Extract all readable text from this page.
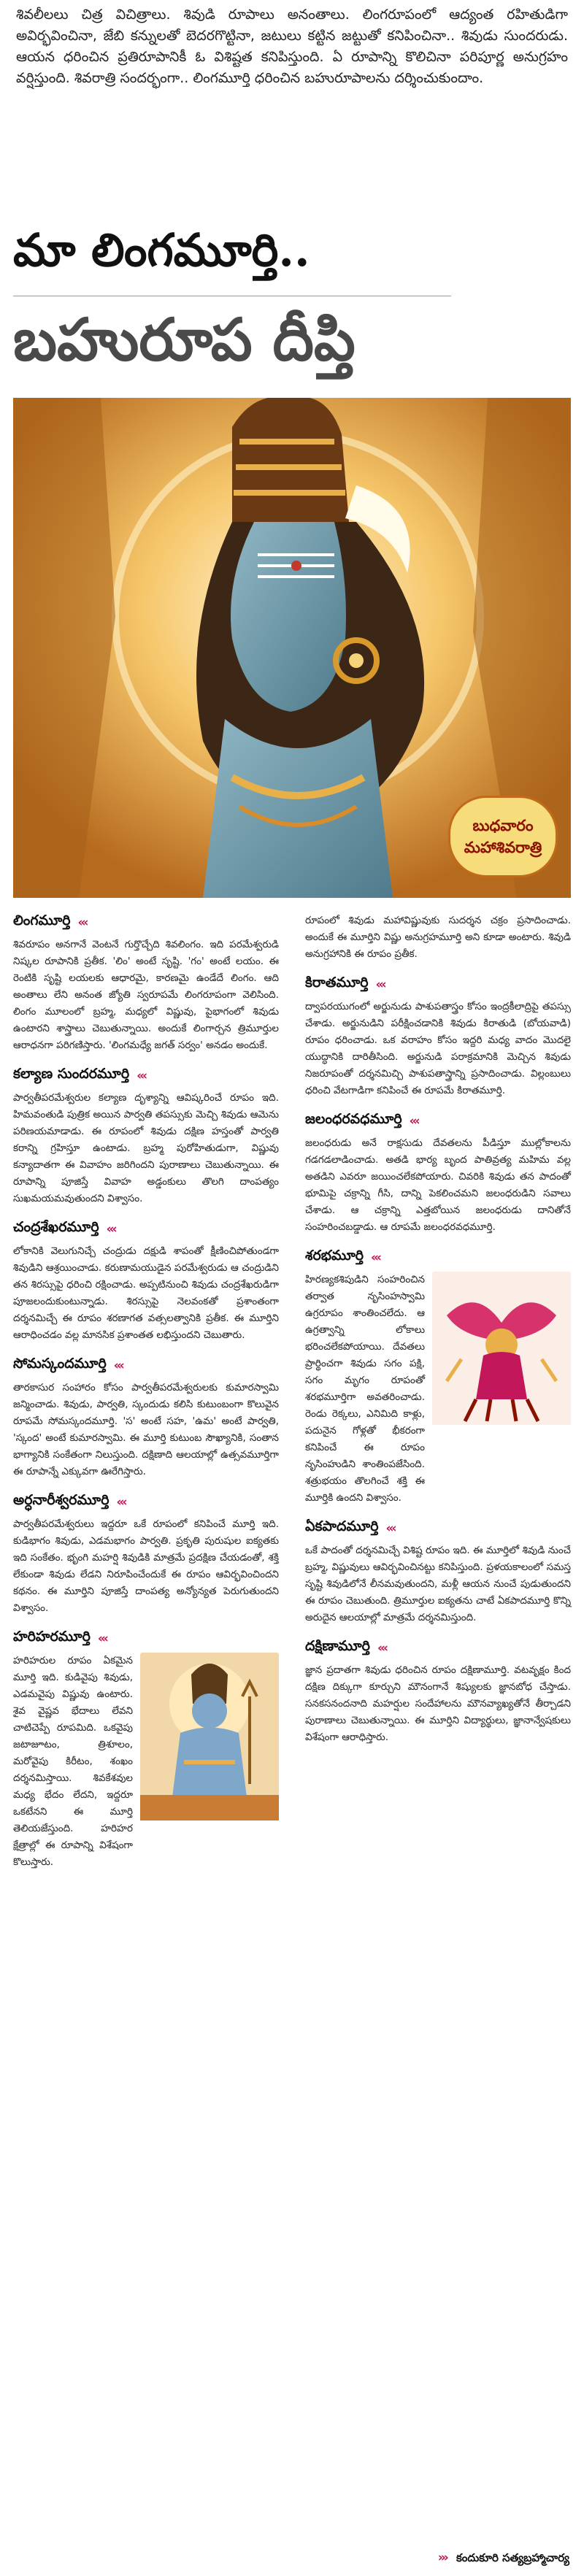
శివలీలలు చిత్ర విచిత్రాలు. శివుడి రూపాలు అనంతాలు. లింగరూపంలో ఆద్యంత రహితుడిగా అవిర్భవించినా, జేబి కన్నులతో బెదరగొట్టినా, జటులు కట్టిన జట్టుతో కనిపించినా.. శివుడు సుందరుడు. ఆయన ధరించిన ప్రతిరూపానికీ ఓ విశిష్టత కనిపిస్తుంది. ఏ రూపాన్ని కొలిచినా పరిపూర్ణ అనుగ్రహం వర్షిస్తుంది. శివరాత్రి సందర్భంగా.. లింగమూర్తి ధరించిన బహురూపాలను దర్శించుకుందాం.

మా లింగమూర్తి..
బహురూప దీప్తి
బుధవారం
మహాశివరాత్రి
లింగమూర్తి ‹‹‹

శివరూపం అనగానే వెంటనే గుర్తొచ్చేది శివలింగం. ఇది పరమేశ్వరుడి నిష్కల రూపానికి ప్రతీక. 'లిం' అంటే సృష్టి. 'గం' అంటే లయం. ఈ రెంటికి సృష్టి లయలకు ఆధారమై, కారణమై ఉండేదే లింగం. ఆది అంతాలు లేని అనంత జ్యోతి స్వరూపమే లింగరూపంగా వెలిసింది. లింగం మూలంలో బ్రహ్మ, మధ్యలో విష్ణువు, పైభాగంలో శివుడు ఉంటారని శాస్త్రాలు చెబుతున్నాయి. అందుకే లింగార్చన త్రిమూర్తుల ఆరాధనగా పరిగణిస్తారు. 'లింగమధ్యే జగత్ సర్వం' అనడం అందుకే.

కల్యాణ సుందరమూర్తి ‹‹‹

పార్వతీపరమేశ్వరుల కల్యాణ దృశ్యాన్ని ఆవిష్కరించే రూపం ఇది. హిమవంతుడి పుత్రిక అయిన పార్వతి తపస్సుకు మెచ్చి శివుడు ఆమెను పరిణయమాడాడు. ఈ రూపంలో శివుడు దక్షిణ హస్తంతో పార్వతి కరాన్ని గ్రహిస్తూ ఉంటాడు. బ్రహ్మ పురోహితుడుగా, విష్ణువు కన్యాదాతగా ఈ వివాహం జరిగిందని పురాణాలు చెబుతున్నాయి. ఈ రూపాన్ని పూజిస్తే వివాహ అడ్డంకులు తొలగి దాంపత్యం సుఖమయమవుతుందని విశ్వాసం.

చంద్రశేఖరమూర్తి ‹‹‹

లోకానికి వెలుగునిచ్చే చంద్రుడు దక్షుడి శాపంతో క్షీణించిపోతుండగా శివుడిని ఆశ్రయించాడు. కరుణామయుడైన పరమేశ్వరుడు ఆ చంద్రుడిని తన శిరస్సుపై ధరించి రక్షించాడు. అప్పటినుంచి శివుడు చంద్రశేఖరుడిగా పూజలందుకుంటున్నాడు. శిరస్సుపై నెలవంకతో ప్రశాంతంగా దర్శనమిచ్చే ఈ రూపం శరణాగత వత్సలత్వానికి ప్రతీక. ఈ మూర్తిని ఆరాధించడం వల్ల మానసిక ప్రశాంతత లభిస్తుందని చెబుతారు.

సోమస్కందమూర్తి ‹‹‹

తారకాసుర సంహారం కోసం పార్వతీపరమేశ్వరులకు కుమారస్వామి జన్మించాడు. శివుడు, పార్వతి, స్కందుడు కలిసి కుటుంబంగా కొలువైన రూపమే సోమస్కందమూర్తి. 'స' అంటే సహ, 'ఉమ' అంటే పార్వతి, 'స్కంద' అంటే కుమారస్వామి. ఈ మూర్తి కుటుంబ సౌఖ్యానికి, సంతాన భాగ్యానికి సంకేతంగా నిలుస్తుంది. దక్షిణాది ఆలయాల్లో ఉత్సవమూర్తిగా ఈ రూపాన్నే ఎక్కువగా ఊరేగిస్తారు.

అర్ధనారీశ్వరమూర్తి ‹‹‹

పార్వతీపరమేశ్వరులు ఇద్దరూ ఒకే రూపంలో కనిపించే మూర్తి ఇది. కుడిభాగం శివుడు, ఎడమభాగం పార్వతి. ప్రకృతి పురుషుల ఐక్యతకు ఇది సంకేతం. భృంగి మహర్షి శివుడికి మాత్రమే ప్రదక్షిణ చేయడంతో, శక్తి లేకుండా శివుడు లేడని నిరూపించేందుకే ఈ రూపం ఆవిర్భవించిందని కథనం. ఈ మూర్తిని పూజిస్తే దాంపత్య అన్యోన్యత పెరుగుతుందని విశ్వాసం.

హరిహరమూర్తి ‹‹‹

హరిహరుల రూపం ఏకమైన మూర్తి ఇది. కుడివైపు శివుడు, ఎడమవైపు విష్ణువు ఉంటారు. శైవ వైష్ణవ భేదాలు లేవని చాటిచెప్పే రూపమిది. ఒకవైపు జటాజూటం, త్రిశూలం, మరోవైపు కిరీటం, శంఖం దర్శనమిస్తాయి. శివకేశవుల మధ్య భేదం లేదని, ఇద్దరూ ఒకటేనని ఈ మూర్తి తెలియజేస్తుంది. హరిహర క్షేత్రాల్లో ఈ రూపాన్ని విశేషంగా కొలుస్తారు.

రూపంలో శివుడు మహావిష్ణువుకు సుదర్శన చక్రం ప్రసాదించాడు. అందుకే ఈ మూర్తిని విష్ణు అనుగ్రహమూర్తి అని కూడా అంటారు. శివుడి అనుగ్రహానికి ఈ రూపం ప్రతీక.

కిరాతమూర్తి ‹‹‹

ద్వాపరయుగంలో అర్జునుడు పాశుపతాస్త్రం కోసం ఇంద్రకీలాద్రిపై తపస్సు చేశాడు. అర్జునుడిని పరీక్షించడానికి శివుడు కిరాతుడి (బోయవాడి) రూపం ధరించాడు. ఒక వరాహం కోసం ఇద్దరి మధ్య వాదం మొదలై యుద్ధానికి దారితీసింది. అర్జునుడి పరాక్రమానికి మెచ్చిన శివుడు నిజరూపంతో దర్శనమిచ్చి పాశుపతాస్త్రాన్ని ప్రసాదించాడు. విల్లంబులు ధరించి వేటగాడిగా కనిపించే ఈ రూపమే కిరాతమూర్తి.

జలంధరవధమూర్తి ‹‹‹

జలంధరుడు అనే రాక్షసుడు దేవతలను పీడిస్తూ ముల్లోకాలను గడగడలాడించాడు. అతడి భార్య బృంద పాతివ్రత్య మహిమ వల్ల అతడిని ఎవరూ జయించలేకపోయారు. చివరికి శివుడు తన పాదంతో భూమిపై చక్రాన్ని గీసి, దాన్ని పెకలించమని జలంధరుడిని సవాలు చేశాడు. ఆ చక్రాన్ని ఎత్తబోయిన జలంధరుడు దానితోనే సంహరించబడ్డాడు. ఆ రూపమే జలంధరవధమూర్తి.

శరభమూర్తి ‹‹‹

హిరణ్యకశిపుడిని సంహరించిన తర్వాత నృసింహస్వామి ఉగ్రరూపం శాంతించలేదు. ఆ ఉగ్రత్వాన్ని లోకాలు భరించలేకపోయాయి. దేవతలు ప్రార్థించగా శివుడు సగం పక్షి, సగం మృగం రూపంతో శరభమూర్తిగా అవతరించాడు. రెండు రెక్కలు, ఎనిమిది కాళ్లు, పదునైన గోళ్లతో భీకరంగా కనిపించే ఈ రూపం నృసింహుడిని శాంతింపజేసింది. శత్రుభయం తొలగించే శక్తి ఈ మూర్తికి ఉందని విశ్వాసం.

ఏకపాదమూర్తి ‹‹‹

ఒకే పాదంతో దర్శనమిచ్చే విశిష్ట రూపం ఇది. ఈ మూర్తిలో శివుడి నుంచే బ్రహ్మ, విష్ణువులు ఆవిర్భవించినట్టు కనిపిస్తుంది. ప్రళయకాలంలో సమస్త సృష్టి శివుడిలోనే లీనమవుతుందని, మళ్లీ ఆయన నుంచే పుడుతుందని ఈ రూపం చెబుతుంది. త్రిమూర్తుల ఐక్యతను చాటే ఏకపాదమూర్తి కొన్ని అరుదైన ఆలయాల్లో మాత్రమే దర్శనమిస్తుంది.

దక్షిణామూర్తి ‹‹‹

జ్ఞాన ప్రదాతగా శివుడు ధరించిన రూపం దక్షిణామూర్తి. వటవృక్షం కింద దక్షిణ దిక్కుగా కూర్చుని మౌనంగానే శిష్యులకు జ్ఞానబోధ చేస్తాడు. సనకసనందనాది మహర్షుల సందేహాలను మౌనవ్యాఖ్యతోనే తీర్చాడని పురాణాలు చెబుతున్నాయి. ఈ మూర్తిని విద్యార్థులు, జ్ఞానాన్వేషకులు విశేషంగా ఆరాధిస్తారు.

››› కందుకూరి సత్యబ్రహ్మాచార్య
